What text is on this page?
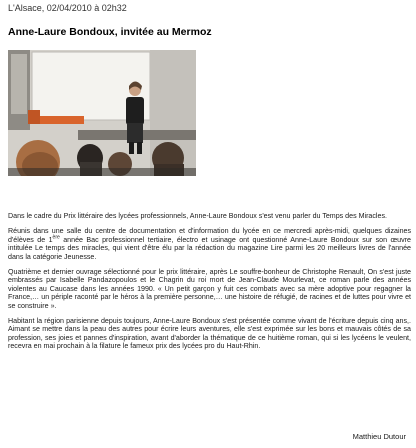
L'Alsace, 02/04/2010 à 02h32
Anne-Laure Bondoux, invitée au Mermoz

Dans le cadre du Prix littéraire des lycées professionnels, Anne-Laure Bondoux s'est venu parler du Temps des Miracles.

Réunis dans une salle du centre de documentation et d'information du lycée en ce mercredi après-midi, quelques dizaines d'élèves de 1ère année Bac professionnel tertiaire, électro et usinage ont questionné Anne-Laure Bondoux sur son œuvre intitulée Le temps des miracles, qui vient d'être élu par la rédaction du magazine Lire parmi les 20 meilleurs livres de l'année dans la catégorie Jeunesse.

Quatrième et dernier ouvrage sélectionné pour le prix littéraire, après Le souffre-bonheur de Christophe Renault, On s'est juste embrassés par Isabelle Pandazopoulos et le Chagrin du roi mort de Jean-Claude Mourlevat, ce roman parle des années violentes au Caucase dans les années 1990. « Un petit garçon y fuit ces combats avec sa mère adoptive pour regagner la France,… un périple raconté par le héros à la première personne,… une histoire de réfugié, de racines et de luttes pour vivre et se construire ».

Habitant la région parisienne depuis toujours, Anne-Laure Bondoux s'est présentée comme vivant de l'écriture depuis cinq ans,. Aimant se mettre dans la peau des autres pour écrire leurs aventures, elle s'est exprimée sur les bons et mauvais côtés de sa profession, ses joies et pannes d'inspiration, avant d'aborder la thématique de ce huitième roman, qui si les lycéens le veulent, recevra en mai prochain à la filature le fameux prix des lycées pro du Haut-Rhin.

Matthieu Dutour
